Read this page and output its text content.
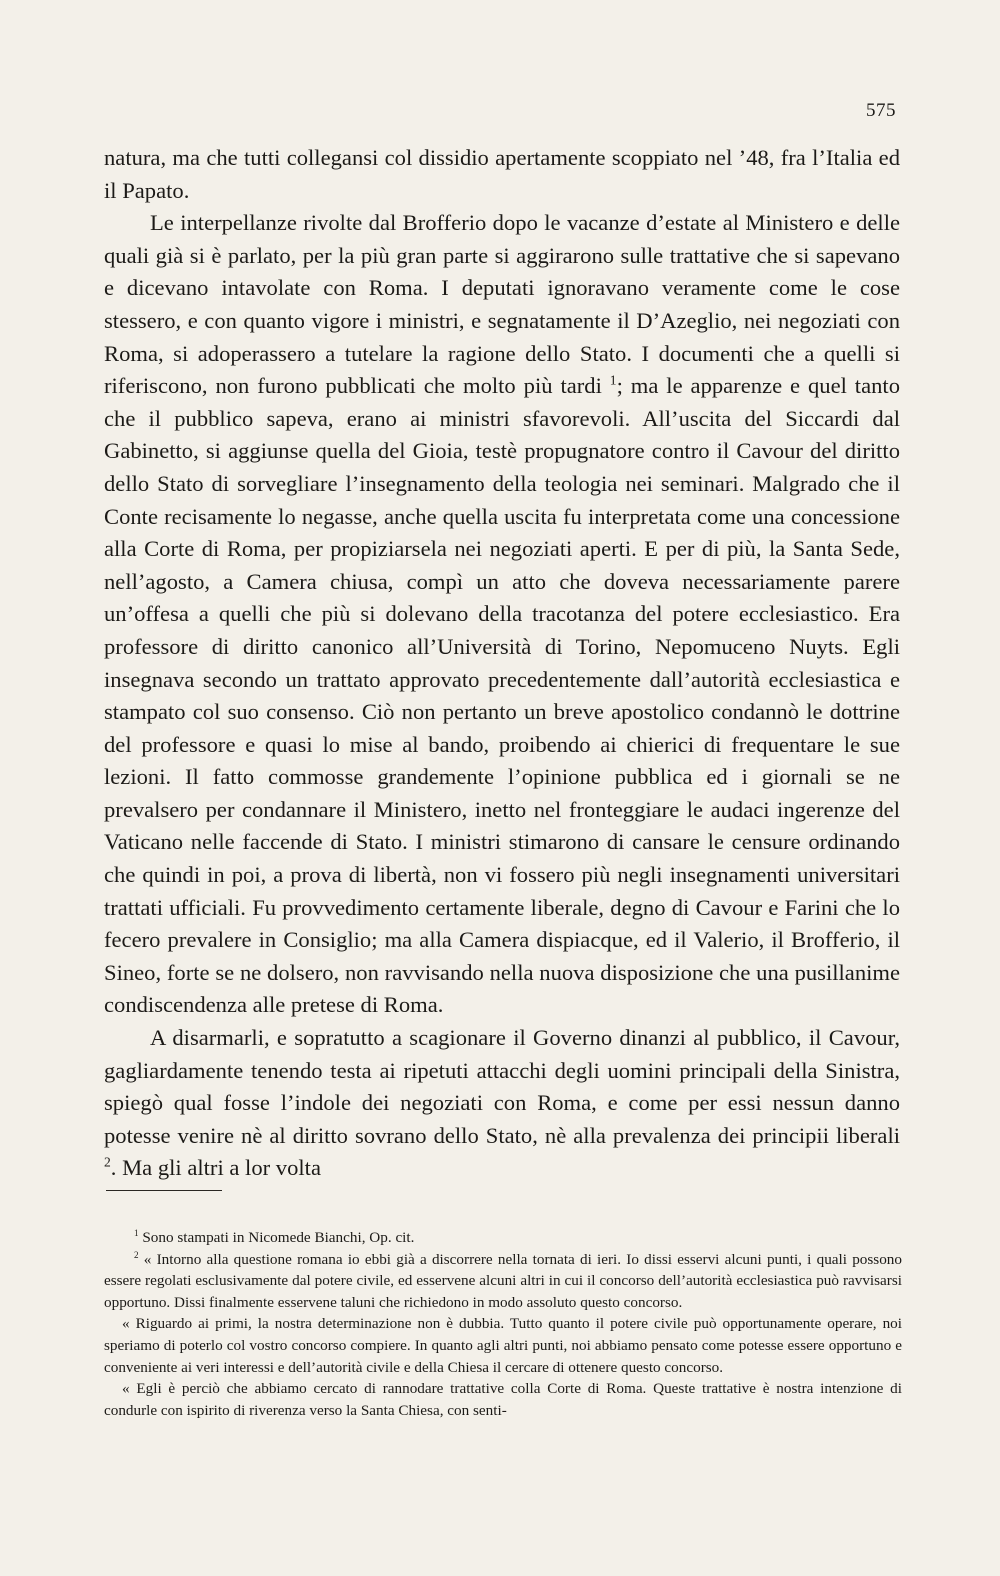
575

natura, ma che tutti collegansi col dissidio apertamente scoppiato nel ’48, fra l’Italia ed il Papato.

Le interpellanze rivolte dal Brofferio dopo le vacanze d’estate al Ministero e delle quali già si è parlato, per la più gran parte si aggirarono sulle trattative che si sapevano e dicevano intavolate con Roma. I deputati ignoravano veramente come le cose stessero, e con quanto vigore i ministri, e segnatamente il D’Azeglio, nei negoziati con Roma, si adoperassero a tutelare la ragione dello Stato. I documenti che a quelli si riferiscono, non furono pubblicati che molto più tardi $^1$; ma le apparenze e quel tanto che il pubblico sapeva, erano ai ministri sfavorevoli. All’uscita del Siccardi dal Gabinetto, si aggiunse quella del Gioia, testè propugnatore contro il Cavour del diritto dello Stato di sorvegliare l’insegnamento della teologia nei seminari. Malgrado che il Conte recisamente lo negasse, anche quella uscita fu interpretata come una concessione alla Corte di Roma, per propiziarsela nei negoziati aperti. E per di più, la Santa Sede, nell’agosto, a Camera chiusa, compì un atto che doveva necessariamente parere un’offesa a quelli che più si dolevano della tracotanza del potere ecclesiastico. Era professore di diritto canonico all’Università di Torino, Nepomuceno Nuyts. Egli insegnava secondo un trattato approvato precedentemente dall’autorità ecclesiastica e stampato col suo consenso. Ciò non pertanto un breve apostolico condannò le dottrine del professore e quasi lo mise al bando, proibendo ai chierici di frequentare le sue lezioni. Il fatto commosse grandemente l’opinione pubblica ed i giornali se ne prevalsero per condannare il Ministero, inetto nel fronteggiare le audaci ingerenze del Vaticano nelle faccende di Stato. I ministri stimarono di cansare le censure ordinando che quindi in poi, a prova di libertà, non vi fossero più negli insegnamenti universitari trattati ufficiali. Fu provvedimento certamente liberale, degno di Cavour e Farini che lo fecero prevalere in Consiglio; ma alla Camera dispiacque, ed il Valerio, il Brofferio, il Sineo, forte se ne dolsero, non ravvisando nella nuova disposizione che una pusillanime condiscendenza alle pretese di Roma.

A disarmarli, e sopratutto a scagionare il Governo dinanzi al pubblico, il Cavour, gagliardamente tenendo testa ai ripetuti attacchi degli uomini principali della Sinistra, spiegò qual fosse l’indole dei negoziati con Roma, e come per essi nessun danno potesse venire nè al diritto sovrano dello Stato, nè alla prevalenza dei principii liberali $^2$. Ma gli altri a lor volta

$^1$ Sono stampati in Nicomede Bianchi, Op. cit.

$^2$ « Intorno alla questione romana io ebbi già a discorrere nella tornata di ieri. Io dissi esservi alcuni punti, i quali possono essere regolati esclusivamente dal potere civile, ed esservene alcuni altri in cui il concorso dell’autorità ecclesiastica può ravvisarsi opportuno. Dissi finalmente esservene taluni che richiedono in modo assoluto questo concorso.

« Riguardo ai primi, la nostra determinazione non è dubbia. Tutto quanto il potere civile può opportunamente operare, noi speriamo di poterlo col vostro concorso compiere. In quanto agli altri punti, noi abbiamo pensato come potesse essere opportuno e conveniente ai veri interessi e dell’autorità civile e della Chiesa il cercare di ottenere questo concorso.

« Egli è perciò che abbiamo cercato di rannodare trattative colla Corte di Roma. Queste trattative è nostra intenzione di condurle con ispirito di riverenza verso la Santa Chiesa, con senti-
